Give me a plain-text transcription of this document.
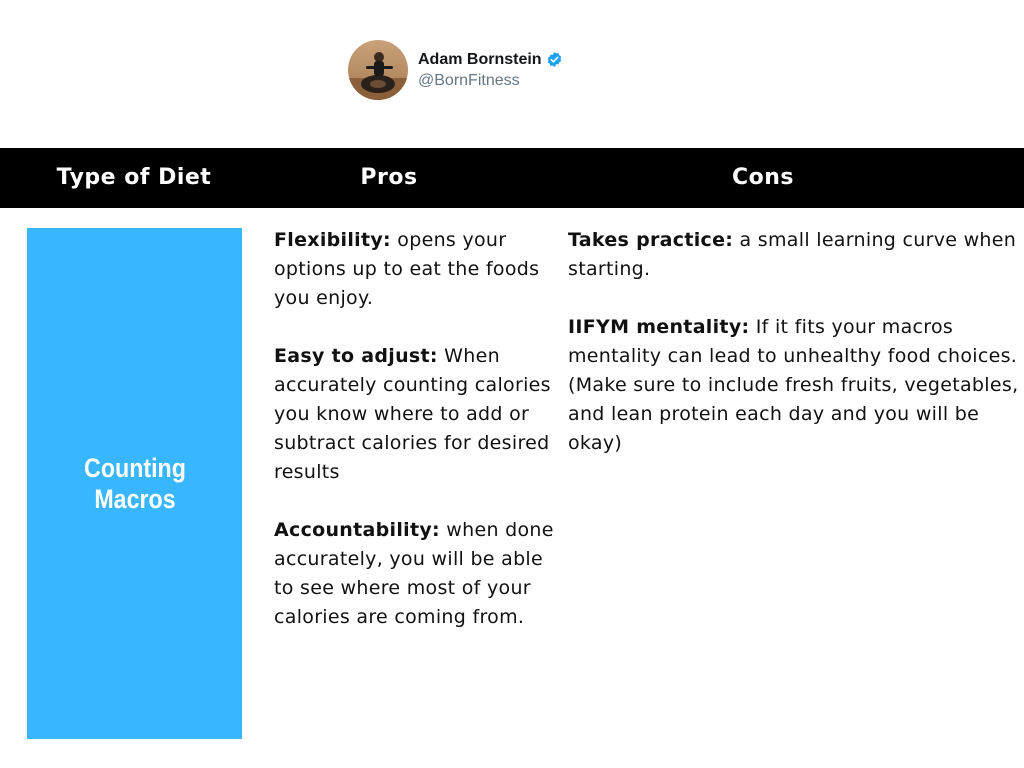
Adam Bornstein
@BornFitness
Type of Diet	Pros	Cons
Counting Macros

Flexibility: opens your options up to eat the foods you enjoy.

Easy to adjust: When accurately counting calories you know where to add or subtract calories for desired results

Accountability: when done accurately, you will be able to see where most of your calories are coming from.

Takes practice: a small learning curve when starting.

IIFYM mentality: If it fits your macros mentality can lead to unhealthy food choices. (Make sure to include fresh fruits, vegetables, and lean protein each day and you will be okay)
